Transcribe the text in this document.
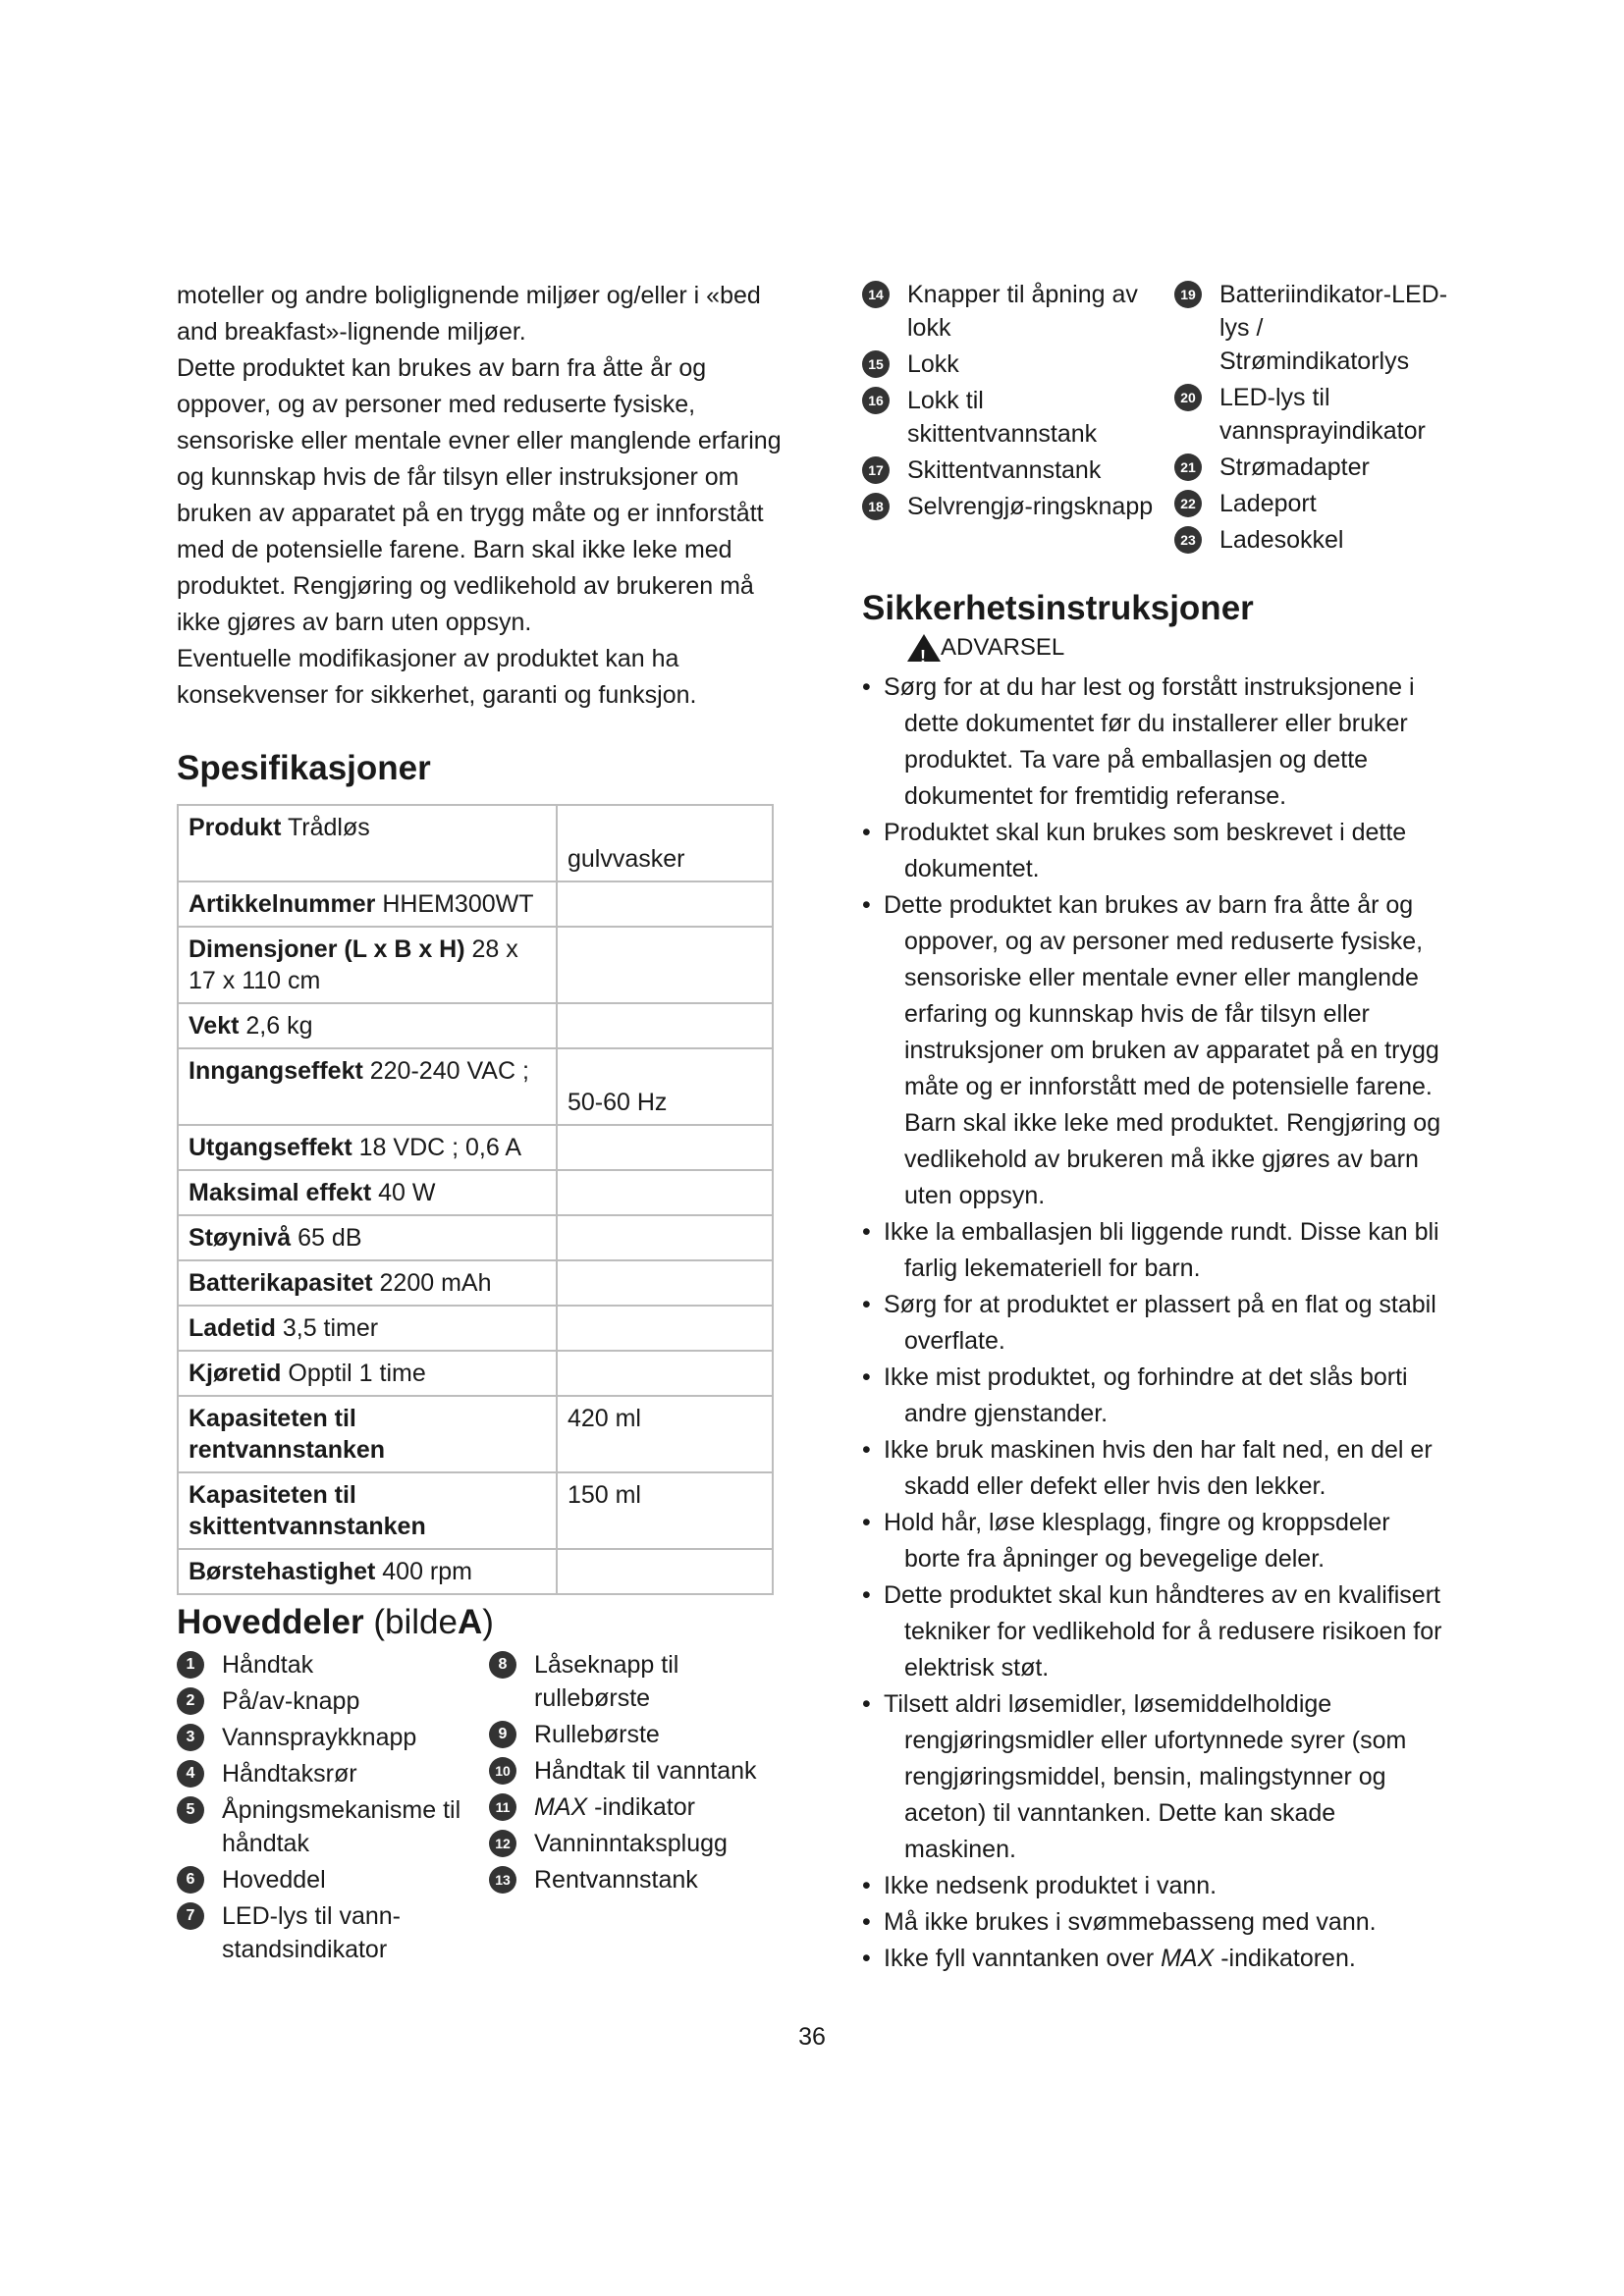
moteller og andre boliglignende miljøer og/eller i «bed and breakfast»-lignende miljøer.

Dette produktet kan brukes av barn fra åtte år og oppover, og av personer med reduserte fysiske, sensoriske eller mentale evner eller manglende erfaring og kunnskap hvis de får tilsyn eller instruksjoner om bruken av apparatet på en trygg måte og er innforstått med de potensielle farene. Barn skal ikke leke med produktet. Rengjøring og vedlikehold av brukeren må ikke gjøres av barn uten oppsyn.

Eventuelle modifikasjoner av produktet kan ha konsekvenser for sikkerhet, garanti og funksjon.

Spesifikasjoner
Produkt Trådløs	gulvvasker

Artikkelnummer HHEM300WT	

Dimensjoner (L x B x H) 28 x 17 x 110 cm	

Vekt 2,6 kg	

Inngangseffekt 220-240 VAC ;	50-60 Hz

Utgangseffekt 18 VDC ; 0,6 A	

Maksimal effekt 40 W	

Støynivå 65 dB	

Batterikapasitet 2200 mAh	

Ladetid 3,5 timer	

Kjøretid Opptil 1 time	

Kapasiteten til rentvannstanken	420 ml

Kapasiteten til skittentvannstanken	150 ml

Børstehastighet 400 rpm	
Hoveddeler (bildeA)
1	Håndtak
2	På/av-knapp
3	Vannspraykknapp
4	Håndtaksrør
5	Åpningsmekanisme til håndtak
6	Hoveddel
7	LED-lys til vann-standsindikator
8	Låseknapp til rullebørste
9	Rullebørste
10 Håndtak til vanntank
11 MAX -indikator
12 Vanninntaksplugg
13 Rentvannstank
14 Knapper til åpning av lokk
15 Lokk
16 Lokk til skittentvannstank
17 Skittentvannstank
18 Selvrengjø-ringsknapp
19 Batteriindikator-LED-lys / Strømindikatorlys
20 LED-lys til vannsprayindikator
21 Strømadapter
22 Ladeport
23 Ladesokkel
Sikkerhetsinstruksjoner
! ADVARSEL
• Sørg for at du har lest og forstått instruksjonene i dette dokumentet før du installerer eller bruker produktet. Ta vare på emballasjen og dette dokumentet for fremtidig referanse.
• Produktet skal kun brukes som beskrevet i dette dokumentet.
• Dette produktet kan brukes av barn fra åtte år og oppover, og av personer med reduserte fysiske, sensoriske eller mentale evner eller manglende erfaring og kunnskap hvis de får tilsyn eller instruksjoner om bruken av apparatet på en trygg måte og er innforstått med de potensielle farene. Barn skal ikke leke med produktet. Rengjøring og vedlikehold av brukeren må ikke gjøres av barn uten oppsyn.
• Ikke la emballasjen bli liggende rundt. Disse kan bli farlig lekemateriell for barn.
• Sørg for at produktet er plassert på en flat og stabil overflate.
• Ikke mist produktet, og forhindre at det slås borti andre gjenstander.
• Ikke bruk maskinen hvis den har falt ned, en del er skadd eller defekt eller hvis den lekker.
• Hold hår, løse klesplagg, fingre og kroppsdeler borte fra åpninger og bevegelige deler.
• Dette produktet skal kun håndteres av en kvalifisert tekniker for vedlikehold for å redusere risikoen for elektrisk støt.
• Tilsett aldri løsemidler, løsemiddelholdige rengjøringsmidler eller ufortynnede syrer (som rengjøringsmiddel, bensin, malingstynner og aceton) til vanntanken. Dette kan skade maskinen.
• Ikke nedsenk produktet i vann.
• Må ikke brukes i svømmebasseng med vann.
• Ikke fyll vanntanken over MAX -indikatoren.
36
